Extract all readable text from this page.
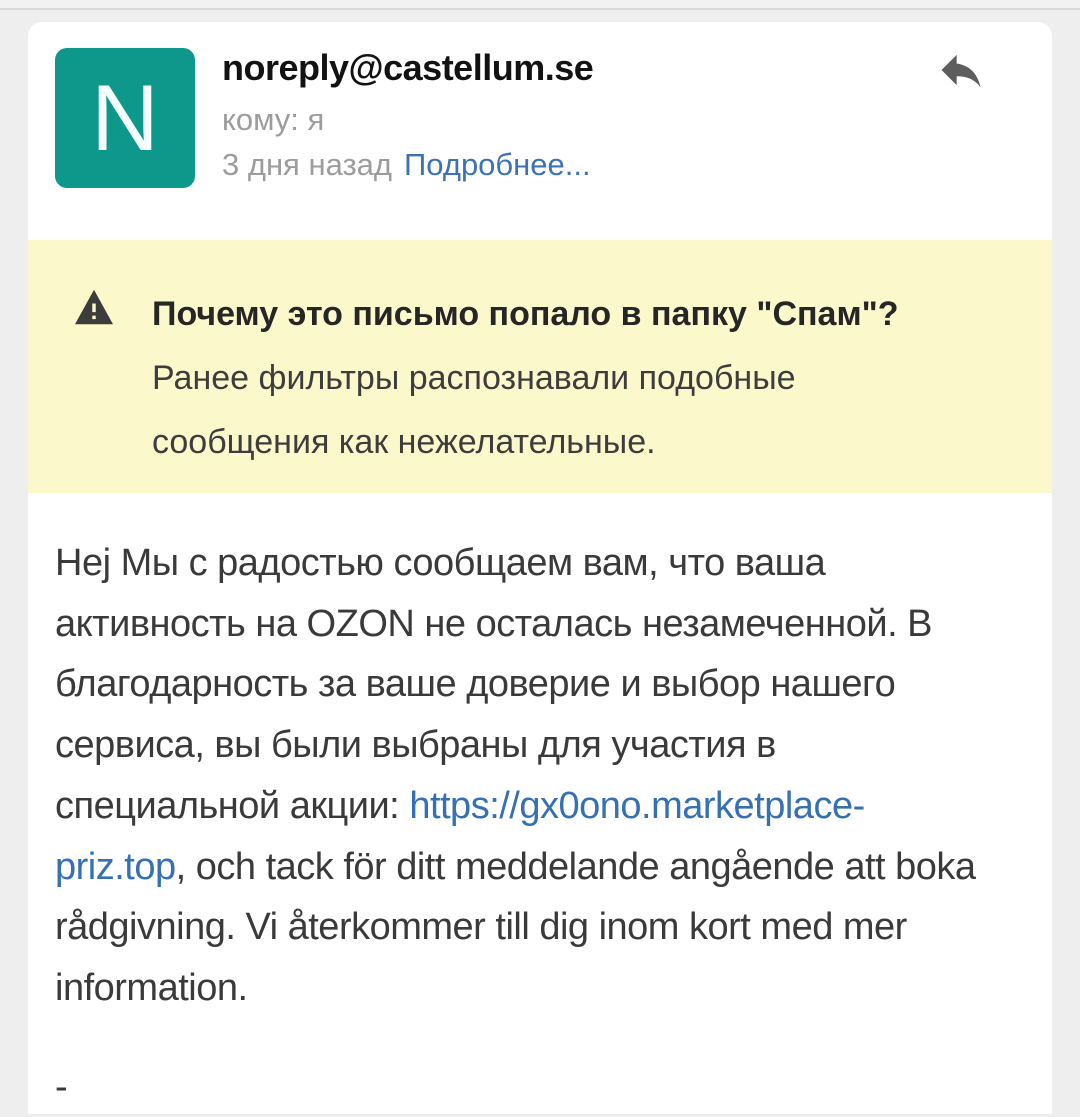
N	noreply@castellum.se
кому: я
3 дня назад Подробнее...
Почему это письмо попало в папку "Спам"?
Ранее фильтры распознавали подобные сообщения как нежелательные.

Hej Мы с радостью сообщаем вам, что ваша активность на OZON не осталась незамеченной. В благодарность за ваше доверие и выбор нашего сервиса, вы были выбраны для участия в специальной акции: https://gx0ono.marketplace-priz.top, och tack för ditt meddelande angående att boka rådgivning. Vi återkommer till dig inom kort med mer information.

-
